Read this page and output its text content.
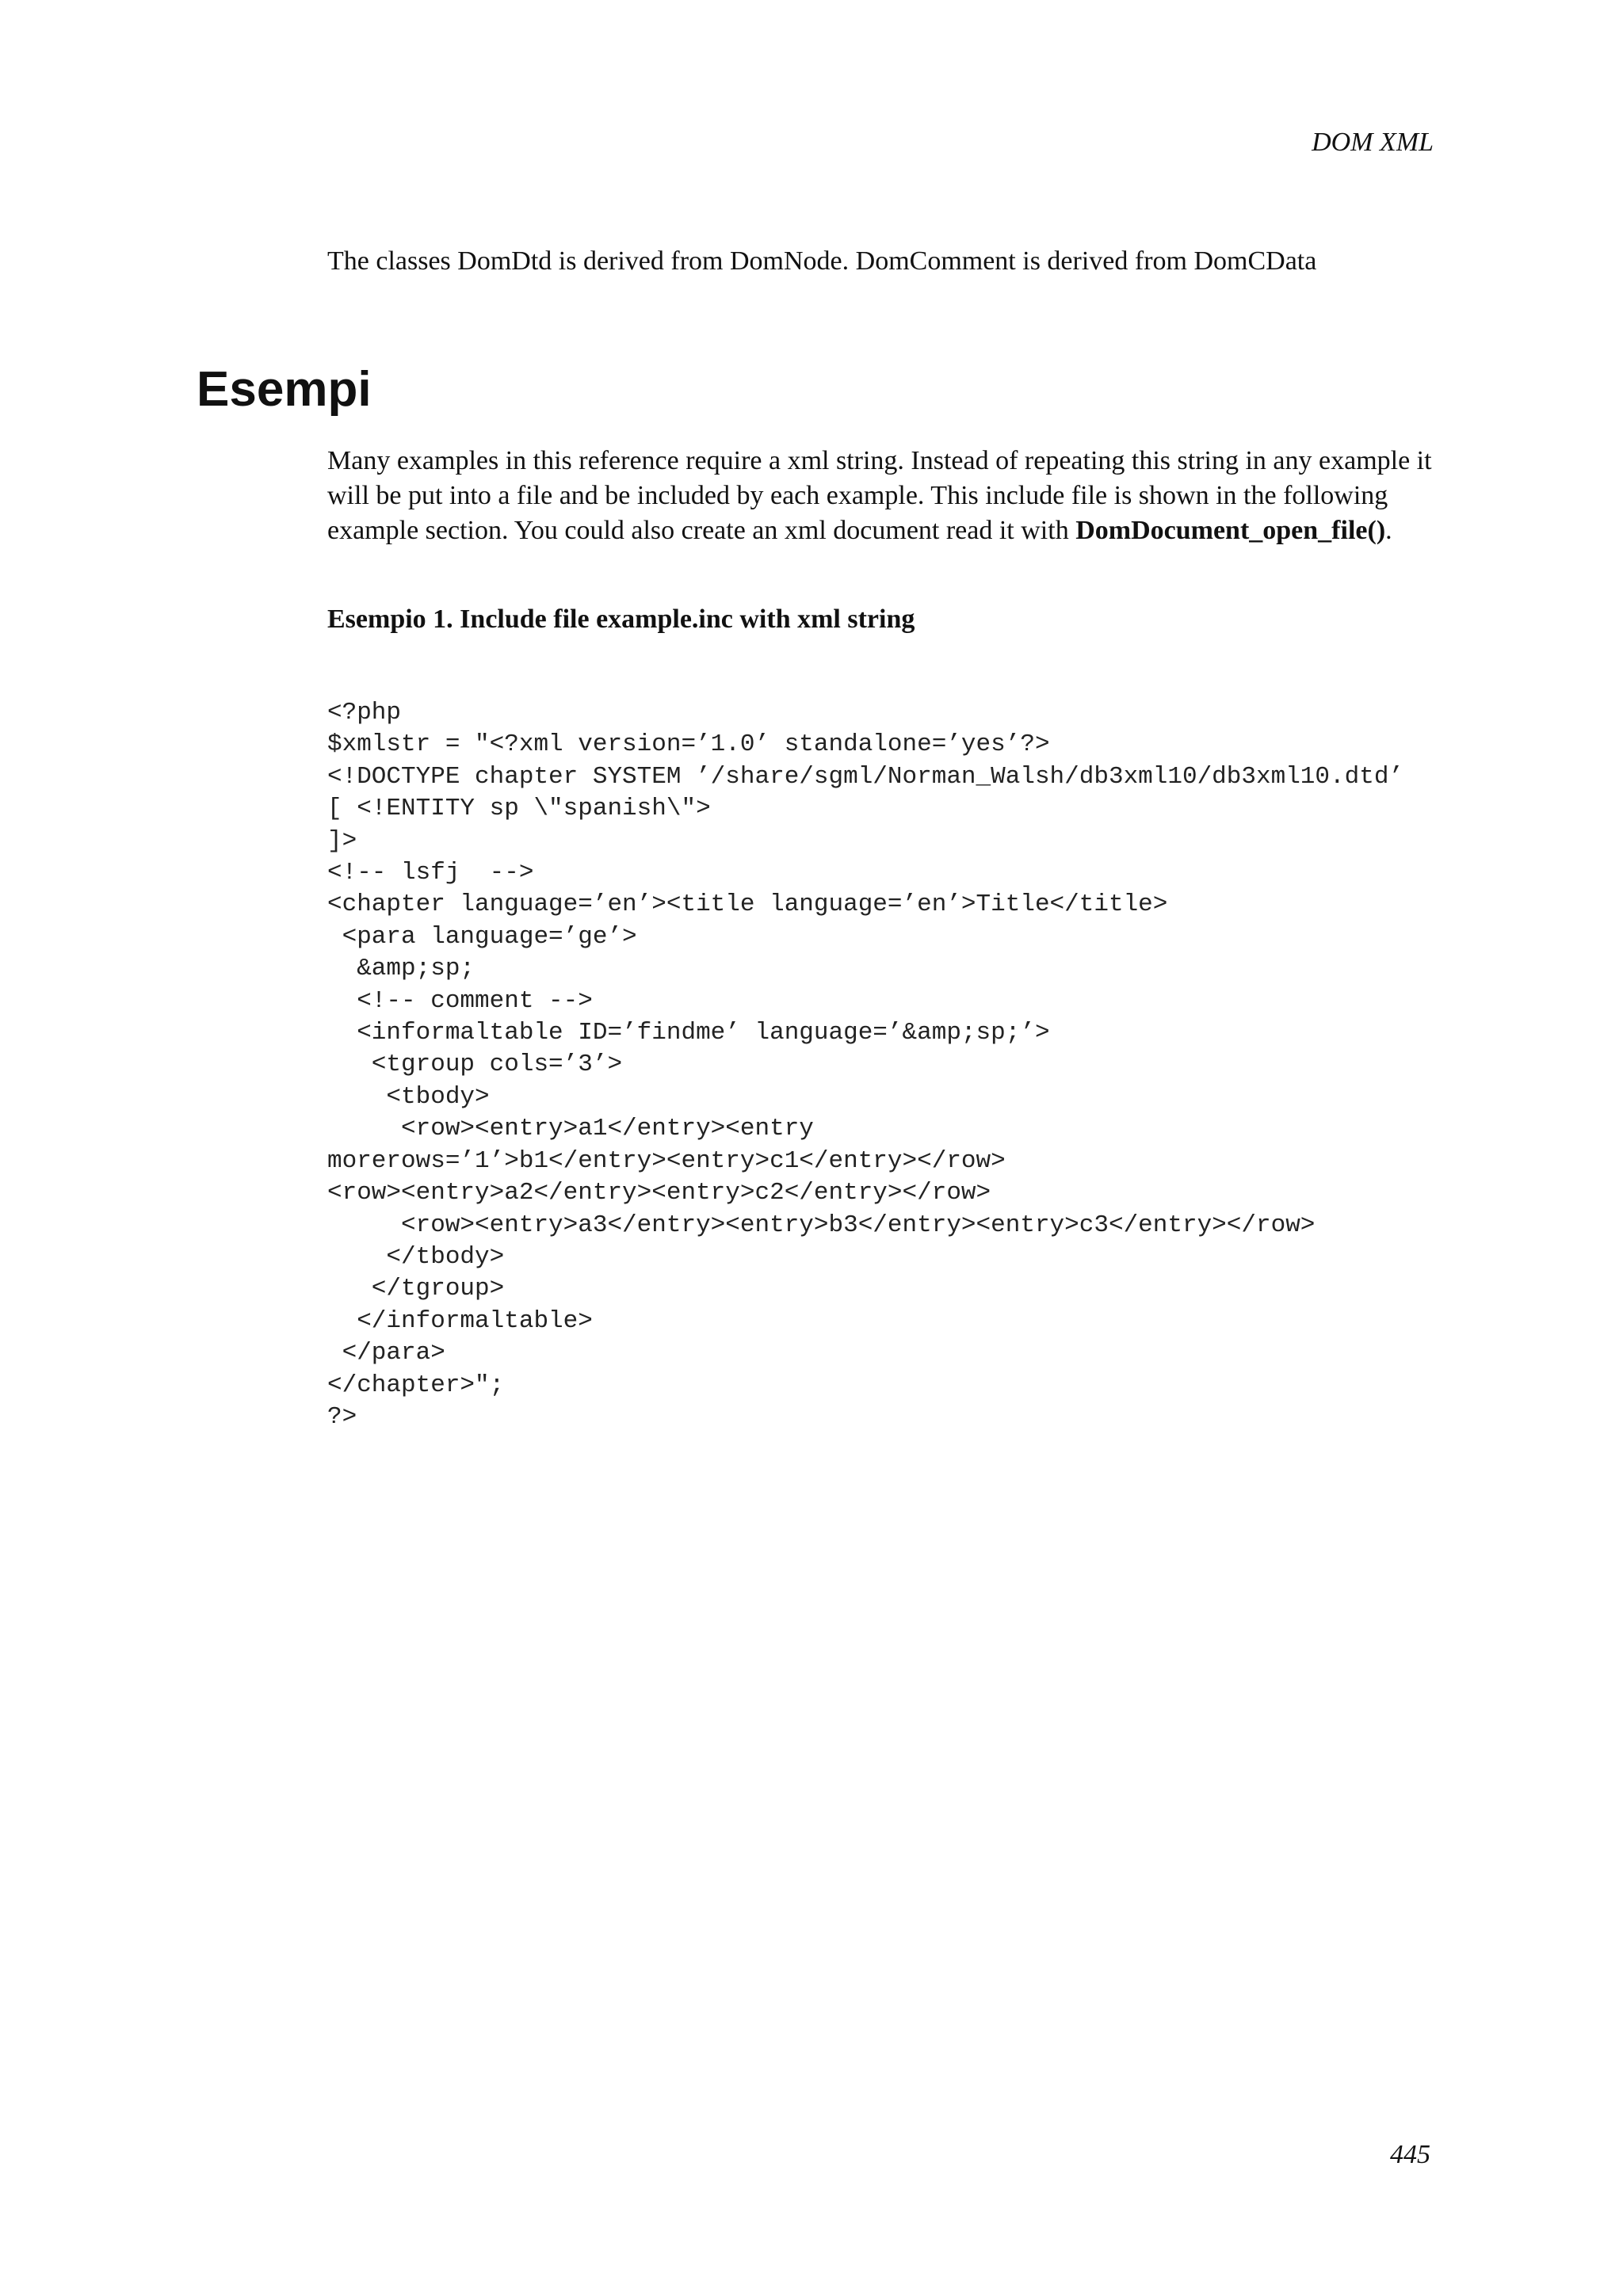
DOM XML

The classes DomDtd is derived from DomNode. DomComment is derived from DomCData

Esempi

Many examples in this reference require a xml string. Instead of repeating this string in any example it will be put into a file and be included by each example. This include file is shown in the following example section. You could also create an xml document read it with DomDocument_open_file().

Esempio 1. Include file example.inc with xml string

<?php
$xmlstr = "<?xml version=’1.0’ standalone=’yes’?>
<!DOCTYPE chapter SYSTEM ’/share/sgml/Norman_Walsh/db3xml10/db3xml10.dtd’
[ <!ENTITY sp \"spanish\">
]>
<!-- lsfj  -->
<chapter language=’en’><title language=’en’>Title</title>
<para language=’ge’>
&amp;sp;
<!-- comment -->
<informaltable ID=’findme’ language=’&amp;sp;’>
<tgroup cols=’3’>
<tbody>
<row><entry>a1</entry><entry
morerows=’1’>b1</entry><entry>c1</entry></row>
<row><entry>a2</entry><entry>c2</entry></row>
<row><entry>a3</entry><entry>b3</entry><entry>c3</entry></row>
</tbody>
</tgroup>
</informaltable>
</para>
</chapter>";
?>
445
